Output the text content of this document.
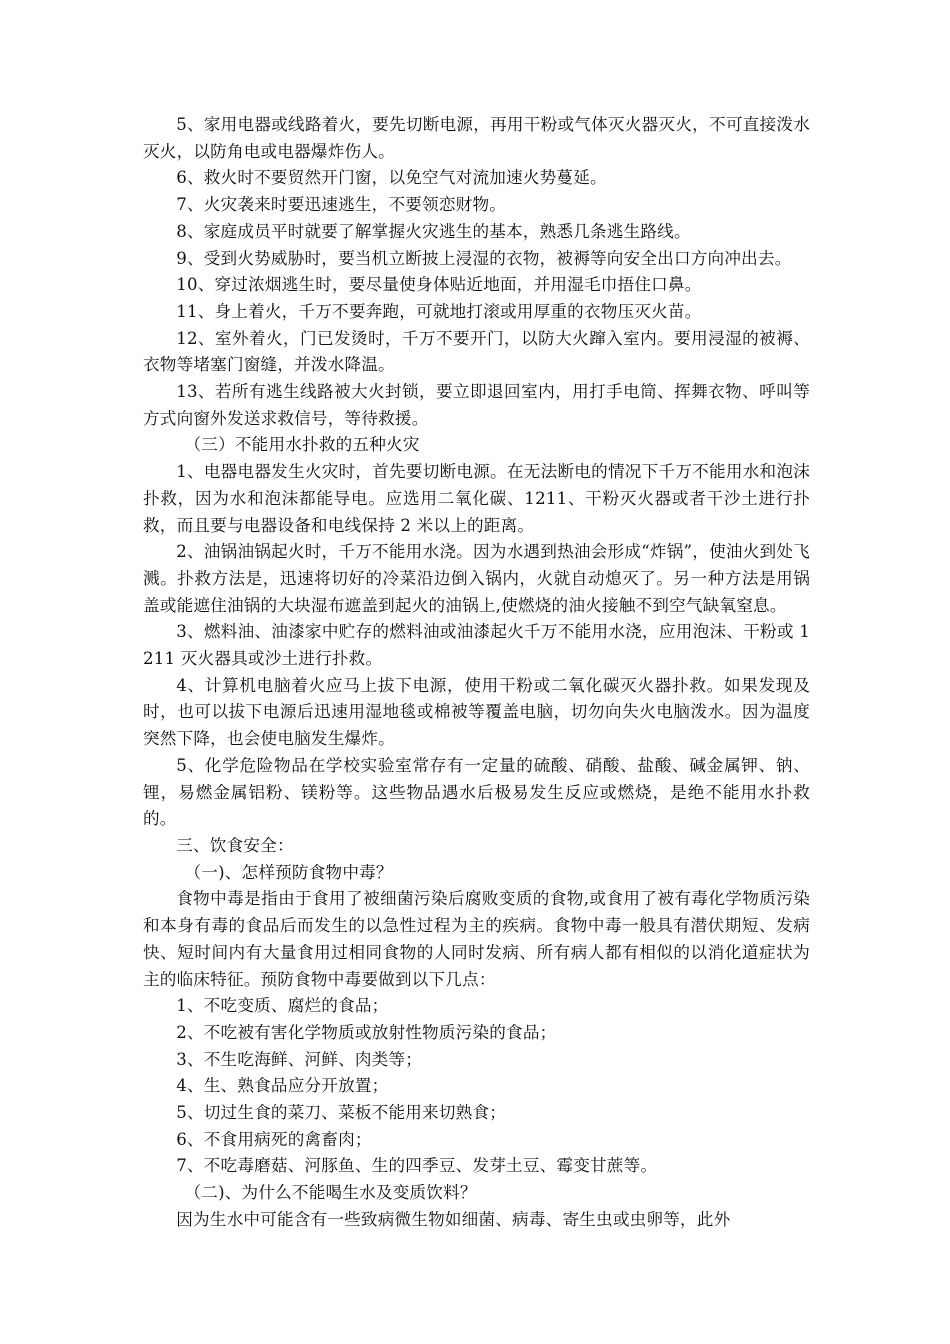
5、家用电器或线路着火，要先切断电源，再用干粉或气体灭火器灭火，不可直接泼水灭火，以防角电或电器爆炸伤人。

6、救火时不要贸然开门窗，以免空气对流加速火势蔓延。

7、火灾袭来时要迅速逃生，不要领恋财物。

8、家庭成员平时就要了解掌握火灾逃生的基本，熟悉几条逃生路线。

9、受到火势威胁时，要当机立断披上浸湿的衣物，被褥等向安全出口方向冲出去。

10、穿过浓烟逃生时，要尽量使身体贴近地面，并用湿毛巾捂住口鼻。

11、身上着火，千万不要奔跑，可就地打滚或用厚重的衣物压灭火苗。

12、室外着火，门已发烫时，千万不要开门，以防大火蹿入室内。要用浸湿的被褥、衣物等堵塞门窗缝，并泼水降温。

13、若所有逃生线路被大火封锁，要立即退回室内，用打手电筒、挥舞衣物、呼叫等方式向窗外发送求救信号，等待救援。

（三）不能用水扑救的五种火灾

1、电器电器发生火灾时，首先要切断电源。在无法断电的情况下千万不能用水和泡沫扑救，因为水和泡沫都能导电。应选用二氧化碳、1211、干粉灭火器或者干沙土进行扑救，而且要与电器设备和电线保持 2 米以上的距离。

2、油锅油锅起火时，千万不能用水浇。因为水遇到热油会形成“炸锅”，使油火到处飞溅。扑救方法是，迅速将切好的冷菜沿边倒入锅内，火就自动熄灭了。另一种方法是用锅盖或能遮住油锅的大块湿布遮盖到起火的油锅上,使燃烧的油火接触不到空气缺氧窒息。

3、燃料油、油漆家中贮存的燃料油或油漆起火千万不能用水浇，应用泡沫、干粉或 1211 灭火器具或沙土进行扑救。

4、计算机电脑着火应马上拔下电源，使用干粉或二氧化碳灭火器扑救。如果发现及时，也可以拔下电源后迅速用湿地毯或棉被等覆盖电脑，切勿向失火电脑泼水。因为温度突然下降，也会使电脑发生爆炸。

5、化学危险物品在学校实验室常存有一定量的硫酸、硝酸、盐酸、碱金属钾、钠、锂，易燃金属铝粉、镁粉等。这些物品遇水后极易发生反应或燃烧，是绝不能用水扑救的。

三、饮食安全：

（一)、怎样预防食物中毒？

食物中毒是指由于食用了被细菌污染后腐败变质的食物,或食用了被有毒化学物质污染和本身有毒的食品后而发生的以急性过程为主的疾病。食物中毒一般具有潜伏期短、发病快、短时间内有大量食用过相同食物的人同时发病、所有病人都有相似的以消化道症状为主的临床特征。预防食物中毒要做到以下几点：

1、不吃变质、腐烂的食品；

2、不吃被有害化学物质或放射性物质污染的食品；

3、不生吃海鲜、河鲜、肉类等；

4、生、熟食品应分开放置；

5、切过生食的菜刀、菜板不能用来切熟食；

6、不食用病死的禽畜肉；

7、不吃毒磨菇、河豚鱼、生的四季豆、发芽土豆、霉变甘蔗等。

（二)、为什么不能喝生水及变质饮料？

因为生水中可能含有一些致病微生物如细菌、病毒、寄生虫或虫卵等，此外
